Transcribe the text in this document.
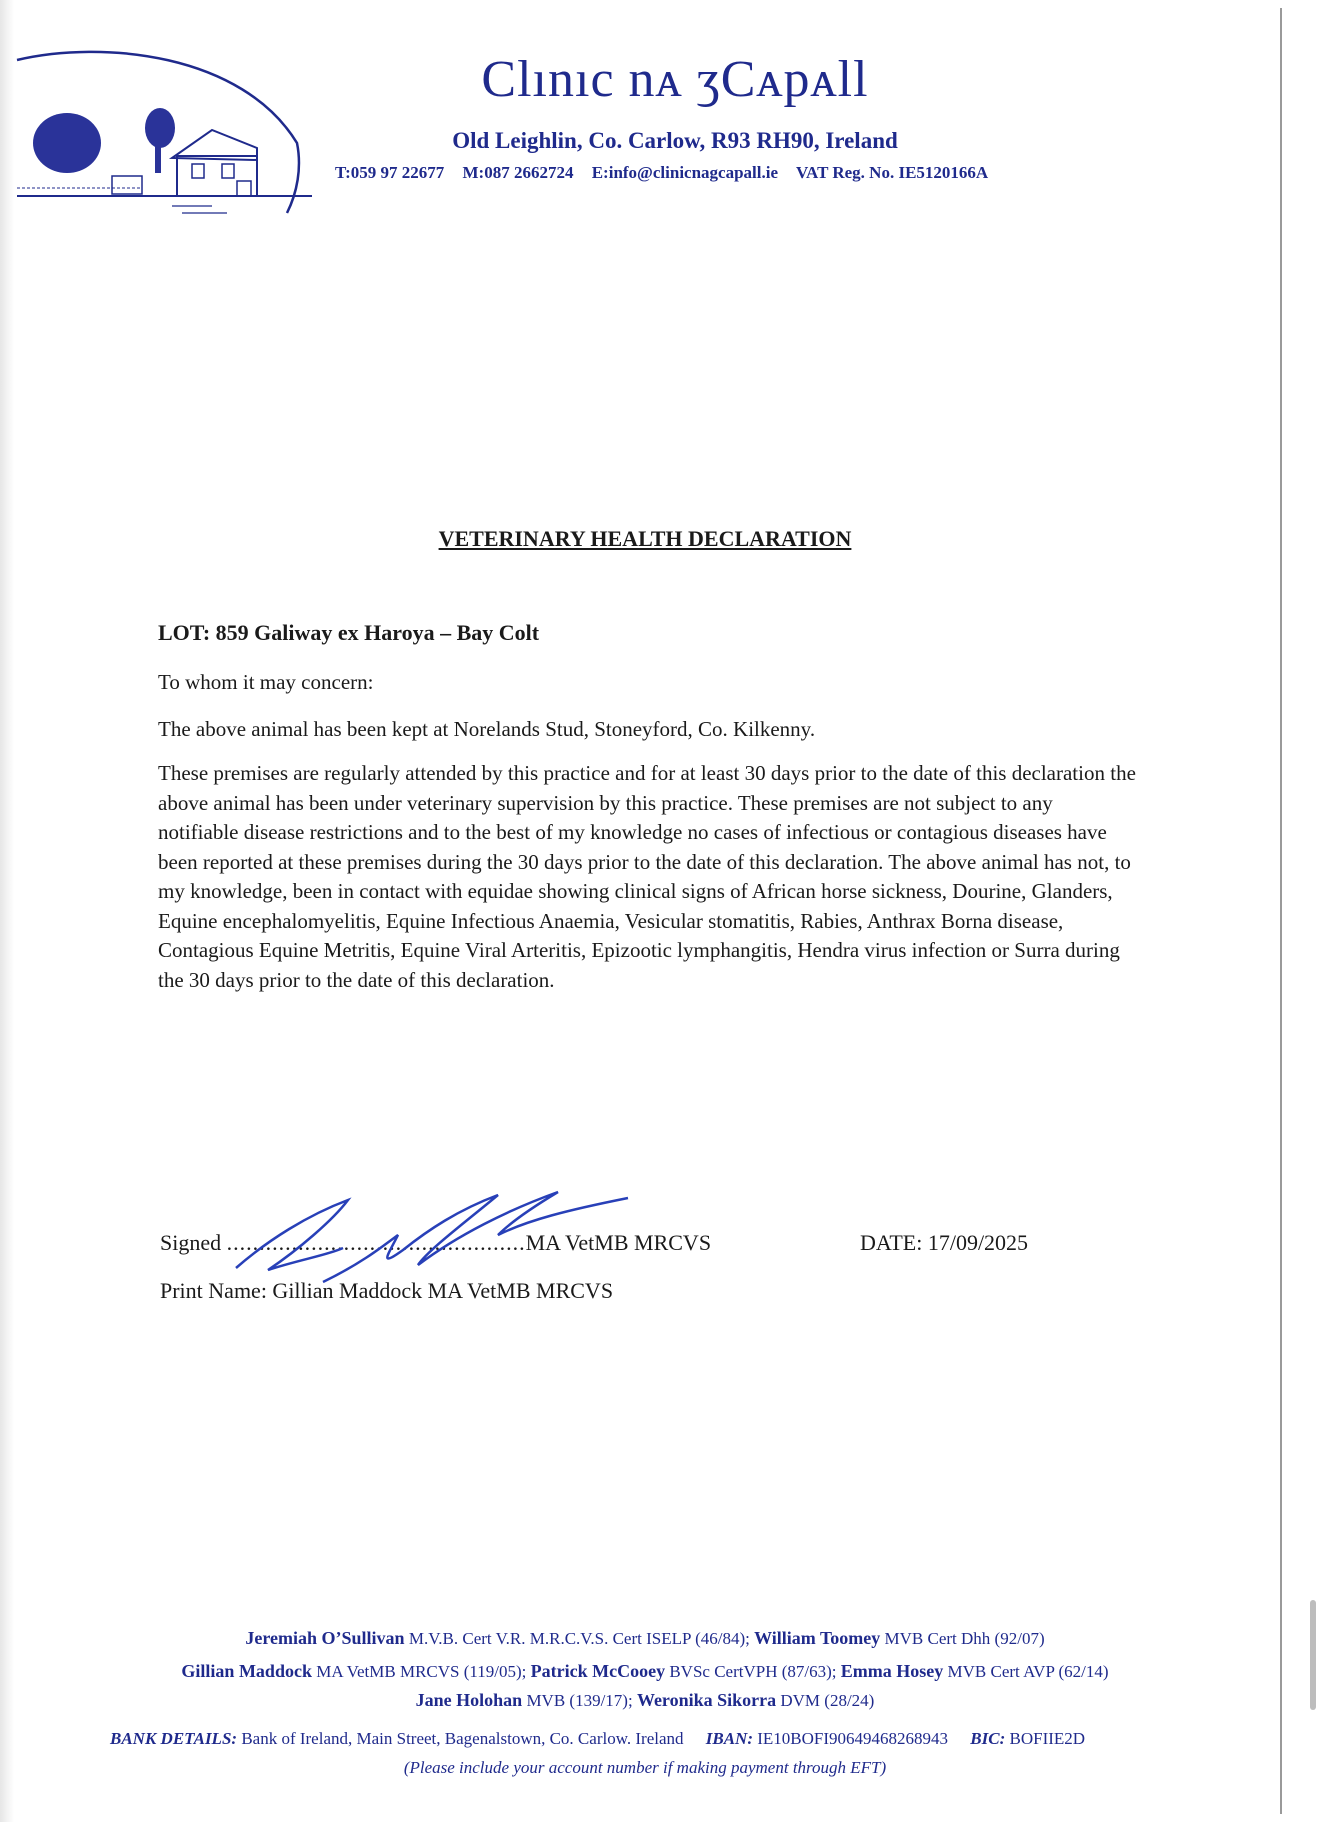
Clınıc nᴀ ʒCᴀpᴀll
Old Leighlin, Co. Carlow, R93 RH90, Ireland
T:059 97 22677 M:087 2662724 E:info@clinicnagcapall.ie VAT Reg. No. IE5120166A
VETERINARY HEALTH DECLARATION
LOT: 859 Galiway ex Haroya – Bay Colt
To whom it may concern:
The above animal has been kept at Norelands Stud, Stoneyford, Co. Kilkenny.
These premises are regularly attended by this practice and for at least 30 days prior to the date of this declaration the above animal has been under veterinary supervision by this practice. These premises are not subject to any notifiable disease restrictions and to the best of my knowledge no cases of infectious or contagious diseases have been reported at these premises during the 30 days prior to the date of this declaration. The above animal has not, to my knowledge, been in contact with equidae showing clinical signs of African horse sickness, Dourine, Glanders, Equine encephalomyelitis, Equine Infectious Anaemia, Vesicular stomatitis, Rabies, Anthrax Borna disease, Contagious Equine Metritis, Equine Viral Arteritis, Epizootic lymphangitis, Hendra virus infection or Surra during the 30 days prior to the date of this declaration.
Signed ..............................................MA VetMB MRCVS	DATE: 17/09/2025
Print Name: Gillian Maddock MA VetMB MRCVS
Jeremiah O’Sullivan M.V.B. Cert V.R. M.R.C.V.S. Cert ISELP (46/84); William Toomey MVB Cert Dhh (92/07)
Gillian Maddock MA VetMB MRCVS (119/05); Patrick McCooey BVSc CertVPH (87/63); Emma Hosey MVB Cert AVP (62/14)
Jane Holohan MVB (139/17); Weronika Sikorra DVM (28/24)
BANK DETAILS: Bank of Ireland, Main Street, Bagenalstown, Co. Carlow. Ireland IBAN: IE10BOFI90649468268943 BIC: BOFIIE2D
(Please include your account number if making payment through EFT)
